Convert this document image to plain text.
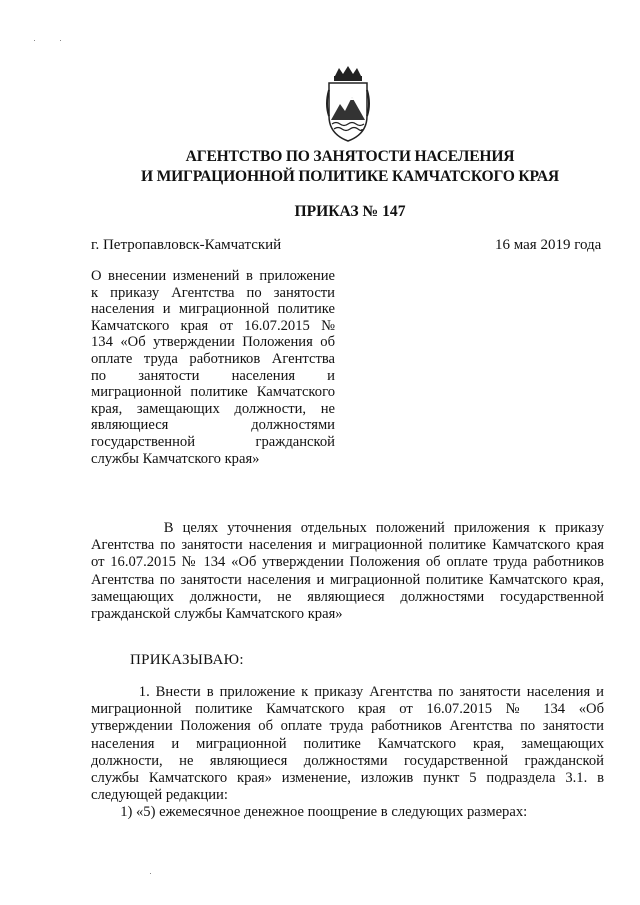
АГЕНТСТВО ПО ЗАНЯТОСТИ НАСЕЛЕНИЯ
И МИГРАЦИОННОЙ ПОЛИТИКЕ КАМЧАТСКОГО КРАЯ
ПРИКАЗ № 147
г. Петропавловск-Камчатский	16 мая 2019 года
О внесении изменений в приложение
к приказу Агентства по занятости
населения и миграционной политике
Камчатского края от 16.07.2015 №
134 «Об утверждении Положения об
оплате труда работников Агентства
по занятости населения и
миграционной политике Камчатского
края, замещающих должности, не
являющиеся должностями
государственной гражданской
службы Камчатского края»
В целях уточнения отдельных положений приложения к приказу
Агентства по занятости населения и миграционной политике Камчатского края
от 16.07.2015 № 134 «Об утверждении Положения об оплате труда работников
Агентства по занятости населения и миграционной политике Камчатского края,
замещающих должности, не являющиеся должностями государственной
гражданской службы Камчатского края»
ПРИКАЗЫВАЮ:
1. Внести в приложение к приказу Агентства по занятости населения и
миграционной политике Камчатского края от 16.07.2015 № 134 «Об
утверждении Положения об оплате труда работников Агентства по занятости
населения и миграционной политике Камчатского края, замещающих
должности, не являющиеся должностями государственной гражданской
службы Камчатского края» изменение, изложив пункт 5 подраздела 3.1. в
следующей редакции:
1) «5) ежемесячное денежное поощрение в следующих размерах:
